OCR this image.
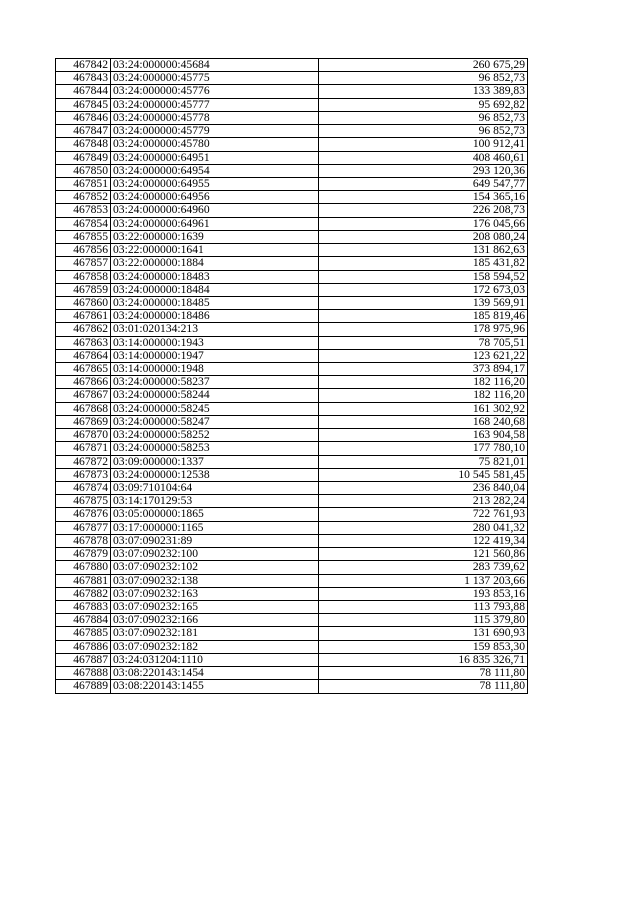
467842	03:24:000000:45684	260 675,29
467843	03:24:000000:45775	96 852,73
467844	03:24:000000:45776	133 389,83
467845	03:24:000000:45777	95 692,82
467846	03:24:000000:45778	96 852,73
467847	03:24:000000:45779	96 852,73
467848	03:24:000000:45780	100 912,41
467849	03:24:000000:64951	408 460,61
467850	03:24:000000:64954	293 120,36
467851	03:24:000000:64955	649 547,77
467852	03:24:000000:64956	154 365,16
467853	03:24:000000:64960	226 208,73
467854	03:24:000000:64961	176 045,66
467855	03:22:000000:1639	208 080,24
467856	03:22:000000:1641	131 862,63
467857	03:22:000000:1884	185 431,82
467858	03:24:000000:18483	158 594,52
467859	03:24:000000:18484	172 673,03
467860	03:24:000000:18485	139 569,91
467861	03:24:000000:18486	185 819,46
467862	03:01:020134:213	178 975,96
467863	03:14:000000:1943	78 705,51
467864	03:14:000000:1947	123 621,22
467865	03:14:000000:1948	373 894,17
467866	03:24:000000:58237	182 116,20
467867	03:24:000000:58244	182 116,20
467868	03:24:000000:58245	161 302,92
467869	03:24:000000:58247	168 240,68
467870	03:24:000000:58252	163 904,58
467871	03:24:000000:58253	177 780,10
467872	03:09:000000:1337	75 821,01
467873	03:24:000000:12538	10 545 581,45
467874	03:09:710104:64	236 840,04
467875	03:14:170129:53	213 282,24
467876	03:05:000000:1865	722 761,93
467877	03:17:000000:1165	280 041,32
467878	03:07:090231:89	122 419,34
467879	03:07:090232:100	121 560,86
467880	03:07:090232:102	283 739,62
467881	03:07:090232:138	1 137 203,66
467882	03:07:090232:163	193 853,16
467883	03:07:090232:165	113 793,88
467884	03:07:090232:166	115 379,80
467885	03:07:090232:181	131 690,93
467886	03:07:090232:182	159 853,30
467887	03:24:031204:1110	16 835 326,71
467888	03:08:220143:1454	78 111,80
467889	03:08:220143:1455	78 111,80
